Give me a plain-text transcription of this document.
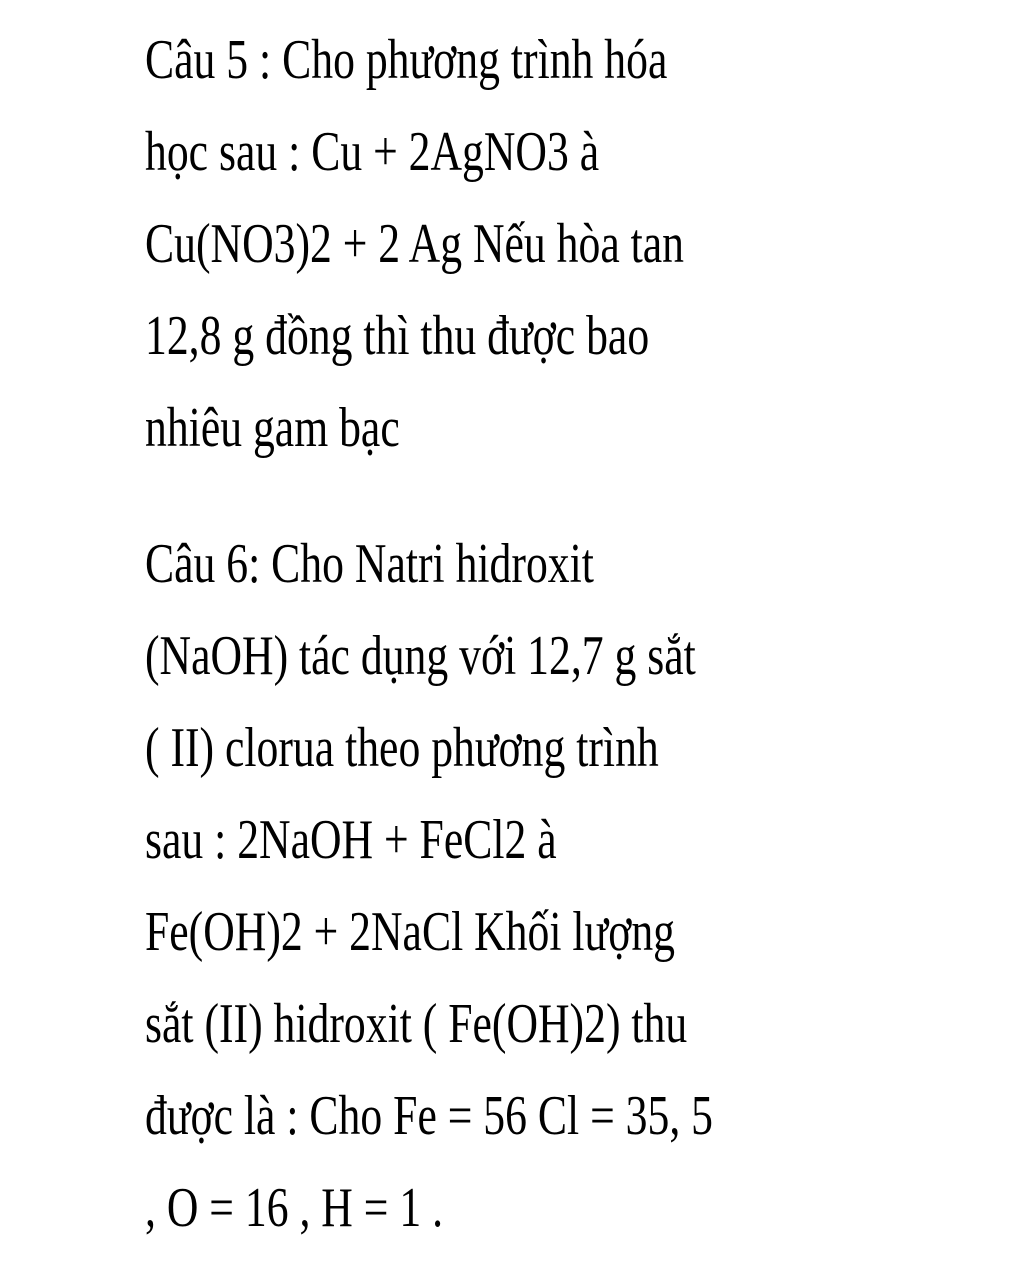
Câu 5 : Cho phương trình hóa

học sau : Cu + 2AgNO3 à

Cu(NO3)2 + 2 Ag Nếu hòa tan

12,8 g đồng thì thu được bao

nhiêu gam bạc

Câu 6: Cho Natri hidroxit

(NaOH) tác dụng với 12,7 g sắt

( II) clorua theo phương trình

sau : 2NaOH + FeCl2 à

Fe(OH)2 + 2NaCl Khối lượng

sắt (II) hidroxit ( Fe(OH)2) thu

được là : Cho Fe = 56 Cl = 35, 5

, O = 16 , H = 1 .
